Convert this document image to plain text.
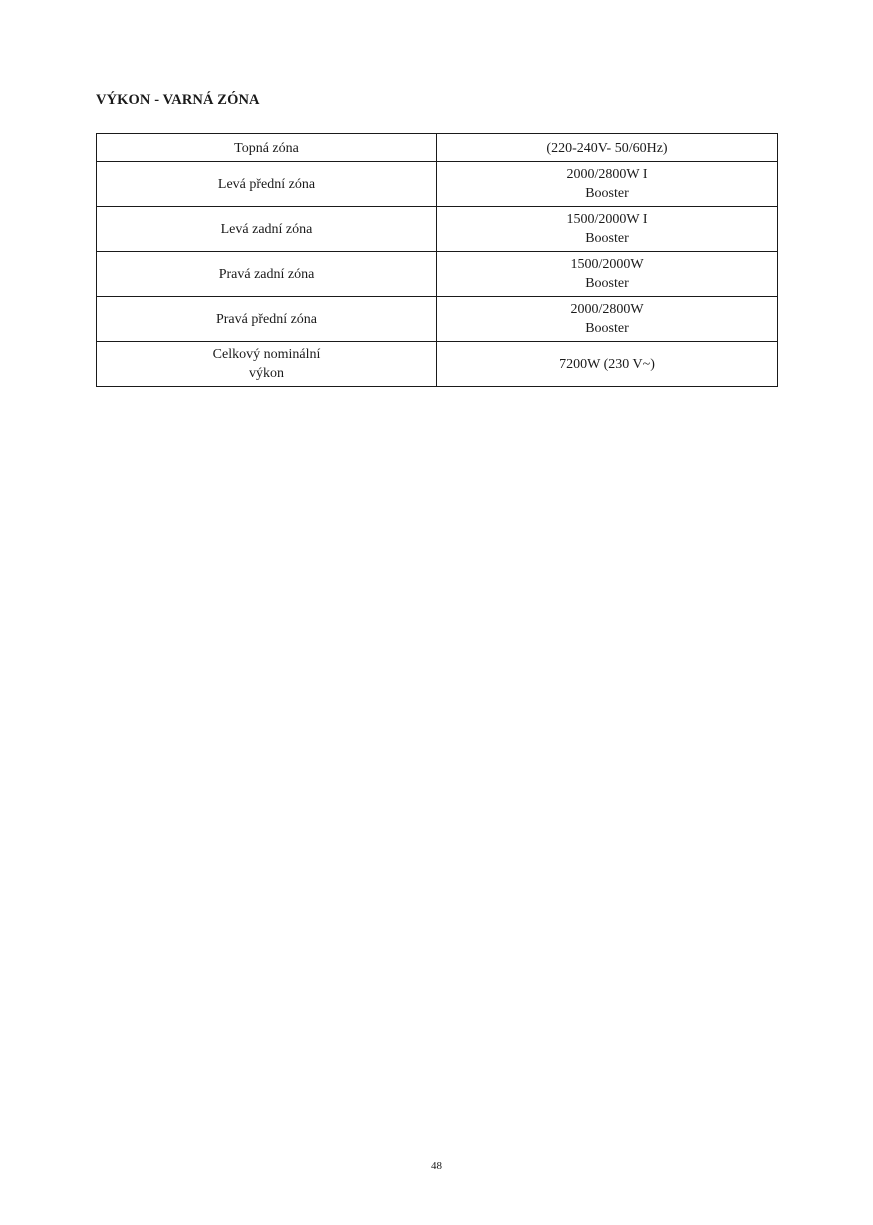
VÝKON - VARNÁ ZÓNA
Topná zóna	(220-240V- 50/60Hz)

Levá přední zóna	2000/2800W I
Booster

Levá zadní zóna	1500/2000W I
Booster

Pravá zadní zóna	1500/2000W
Booster

Pravá přední zóna	2000/2800W
Booster

Celkový nominální
výkon	7200W (230 V~)
48
